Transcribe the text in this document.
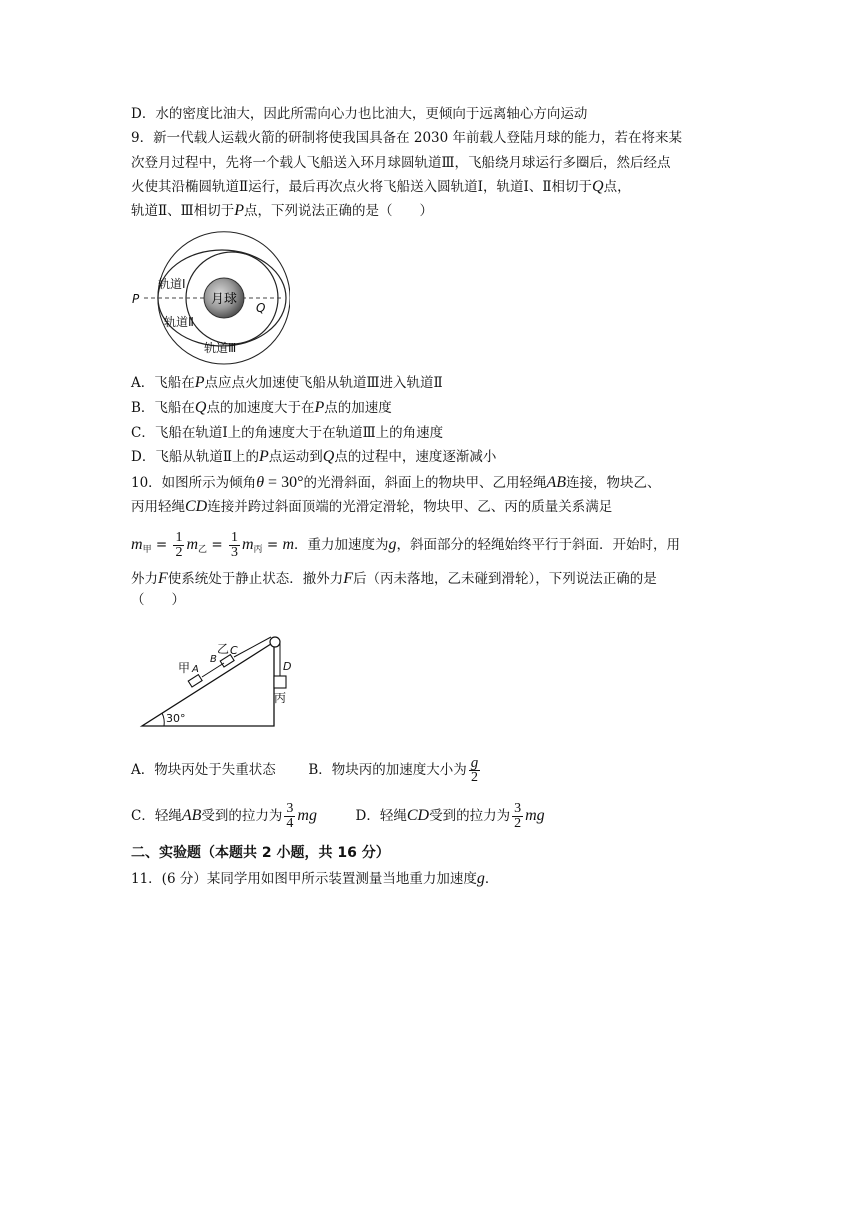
D．水的密度比油大，因此所需向心力也比油大，更倾向于远离轴心方向运动
9．新一代载人运载火箭的研制将使我国具备在 2030 年前载人登陆月球的能力，若在将来某
次登月过程中，先将一个载人飞船送入环月球圆轨道Ⅲ，飞船绕月球运行多圈后，然后经点
火使其沿椭圆轨道Ⅱ运行，最后再次点火将飞船送入圆轨道Ⅰ，轨道Ⅰ、Ⅱ相切于Q点，
轨道Ⅱ、Ⅲ相切于P点，下列说法正确的是（　　）
月球
轨道Ⅰ
轨道Ⅱ
轨道Ⅲ
P
Q
A．飞船在P点应点火加速使飞船从轨道Ⅲ进入轨道Ⅱ
B．飞船在Q点的加速度大于在P点的加速度
C．飞船在轨道Ⅰ上的角速度大于在轨道Ⅲ上的角速度
D．飞船从轨道Ⅱ上的P点运动到Q点的过程中，速度逐渐减小
10．如图所示为倾角θ = 30°的光滑斜面，斜面上的物块甲、乙用轻绳AB连接，物块乙、
丙用轻绳CD连接并跨过斜面顶端的光滑定滑轮，物块甲、乙、丙的质量关系满足
$m_甲 = \frac{1}{2} m_乙 = \frac{1}{3} m_丙 = m$．重力加速度为g，斜面部分的轻绳始终平行于斜面．开始时，用
外力F使系统处于静止状态．撤外力F后（丙未落地，乙未碰到滑轮），下列说法正确的是
（　　）
甲 A
B
乙 C
D
丙
30°
A．物块丙处于失重状态 B．物块丙的加速度大小为 $\frac{g}{2}$
C．轻绳AB受到的拉力为 $\frac{3}{4}$ mg	D．轻绳CD受到的拉力为 $\frac{3}{2}$ mg
二、实验题（本题共 2 小题，共 16 分）
11．(6 分）某同学用如图甲所示装置测量当地重力加速度g．
